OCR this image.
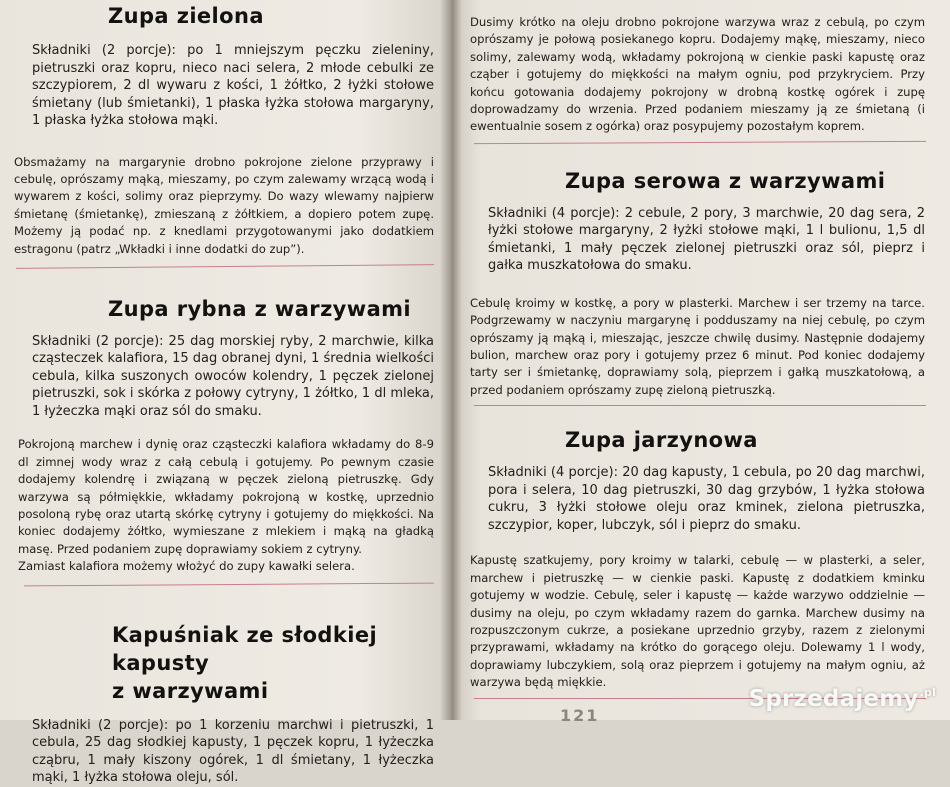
Zupa zielona

Składniki (2 porcje): po 1 mniejszym pęczku zieleniny, pietruszki oraz kopru, nieco naci selera, 2 młode cebulki ze szczypiorem, 2 dl wywaru z kości, 1 żółtko, 2 łyżki stołowe śmietany (lub śmietanki), 1 płaska łyżka stołowa margaryny, 1 płaska łyżka stołowa mąki.

Obsmażamy na margarynie drobno pokrojone zielone przyprawy i cebulę, oprószamy mąką, mieszamy, po czym zalewamy wrzącą wodą i wywarem z kości, solimy oraz pieprzymy. Do wazy wlewamy najpierw śmietanę (śmietankę), zmieszaną z żółtkiem, a dopiero potem zupę. Możemy ją podać np. z knedlami przygotowanymi jako dodatkiem estragonu (patrz „Wkładki i inne dodatki do zup”).

Zupa rybna z warzywami

Składniki (2 porcje): 25 dag morskiej ryby, 2 marchwie, kilka cząsteczek kalafiora, 15 dag obranej dyni, 1 średnia wielkości cebula, kilka suszonych owoców kolendry, 1 pęczek zielonej pietruszki, sok i skórka z połowy cytryny, 1 żółtko, 1 dl mleka, 1 łyżeczka mąki oraz sól do smaku.

Pokrojoną marchew i dynię oraz cząsteczki kalafiora wkładamy do 8-9 dl zimnej wody wraz z całą cebulą i gotujemy. Po pewnym czasie dodajemy kolendrę i związaną w pęczek zieloną pietruszkę. Gdy warzywa są półmiękkie, wkładamy pokrojoną w kostkę, uprzednio posoloną rybę oraz utartą skórkę cytryny i gotujemy do miękkości. Na koniec dodajemy żółtko, wymieszane z mlekiem i mąką na gładką masę. Przed podaniem zupę doprawiamy sokiem z cytryny.

Zamiast kalafiora możemy włożyć do zupy kawałki selera.

Kapuśniak ze słodkiej kapusty
z warzywami

Składniki (2 porcje): po 1 korzeniu marchwi i pietruszki, 1 cebula, 25 dag słodkiej kapusty, 1 pęczek kopru, 1 łyżeczka cząbru, 1 mały kiszony ogórek, 1 dl śmietany, 1 łyżeczka mąki, 1 łyżka stołowa oleju, sól.

Dusimy krótko na oleju drobno pokrojone warzywa wraz z cebulą, po czym oprószamy je połową posiekanego kopru. Dodajemy mąkę, mieszamy, nieco solimy, zalewamy wodą, wkładamy pokrojoną w cienkie paski kapustę oraz cząber i gotujemy do miękkości na małym ogniu, pod przykryciem. Przy końcu gotowania dodajemy pokrojony w drobną kostkę ogórek i zupę doprowadzamy do wrzenia. Przed podaniem mieszamy ją ze śmietaną (i ewentualnie sosem z ogórka) oraz posypujemy pozostałym koprem.

Zupa serowa z warzywami

Składniki (4 porcje): 2 cebule, 2 pory, 3 marchwie, 20 dag sera, 2 łyżki stołowe margaryny, 2 łyżki stołowe mąki, 1 l bulionu, 1,5 dl śmietanki, 1 mały pęczek zielonej pietruszki oraz sól, pieprz i gałka muszkatołowa do smaku.

Cebulę kroimy w kostkę, a pory w plasterki. Marchew i ser trzemy na tarce. Podgrzewamy w naczyniu margarynę i podduszamy na niej cebulę, po czym oprószamy ją mąką i, mieszając, jeszcze chwilę dusimy. Następnie dodajemy bulion, marchew oraz pory i gotujemy przez 6 minut. Pod koniec dodajemy tarty ser i śmietankę, doprawiamy solą, pieprzem i gałką muszkatołową, a przed podaniem oprószamy zupę zieloną pietruszką.

Zupa jarzynowa

Składniki (4 porcje): 20 dag kapusty, 1 cebula, po 20 dag marchwi, pora i selera, 10 dag pietruszki, 30 dag grzybów, 1 łyżka stołowa cukru, 3 łyżki stołowe oleju oraz kminek, zielona pietruszka, szczypior, koper, lubczyk, sól i pieprz do smaku.

Kapustę szatkujemy, pory kroimy w talarki, cebulę — w plasterki, a seler, marchew i pietruszkę — w cienkie paski. Kapustę z dodatkiem kminku gotujemy w wodzie. Cebulę, seler i kapustę — każde warzywo oddzielnie — dusimy na oleju, po czym wkładamy razem do garnka. Marchew dusimy na rozpuszczonym cukrze, a posiekane uprzednio grzyby, razem z zielonymi przyprawami, wkładamy na krótko do gorącego oleju. Dolewamy 1 l wody, doprawiamy lubczykiem, solą oraz pieprzem i gotujemy na małym ogniu, aż warzywa będą miękkie.

121
Sprzedajemy$^{.pl}$
